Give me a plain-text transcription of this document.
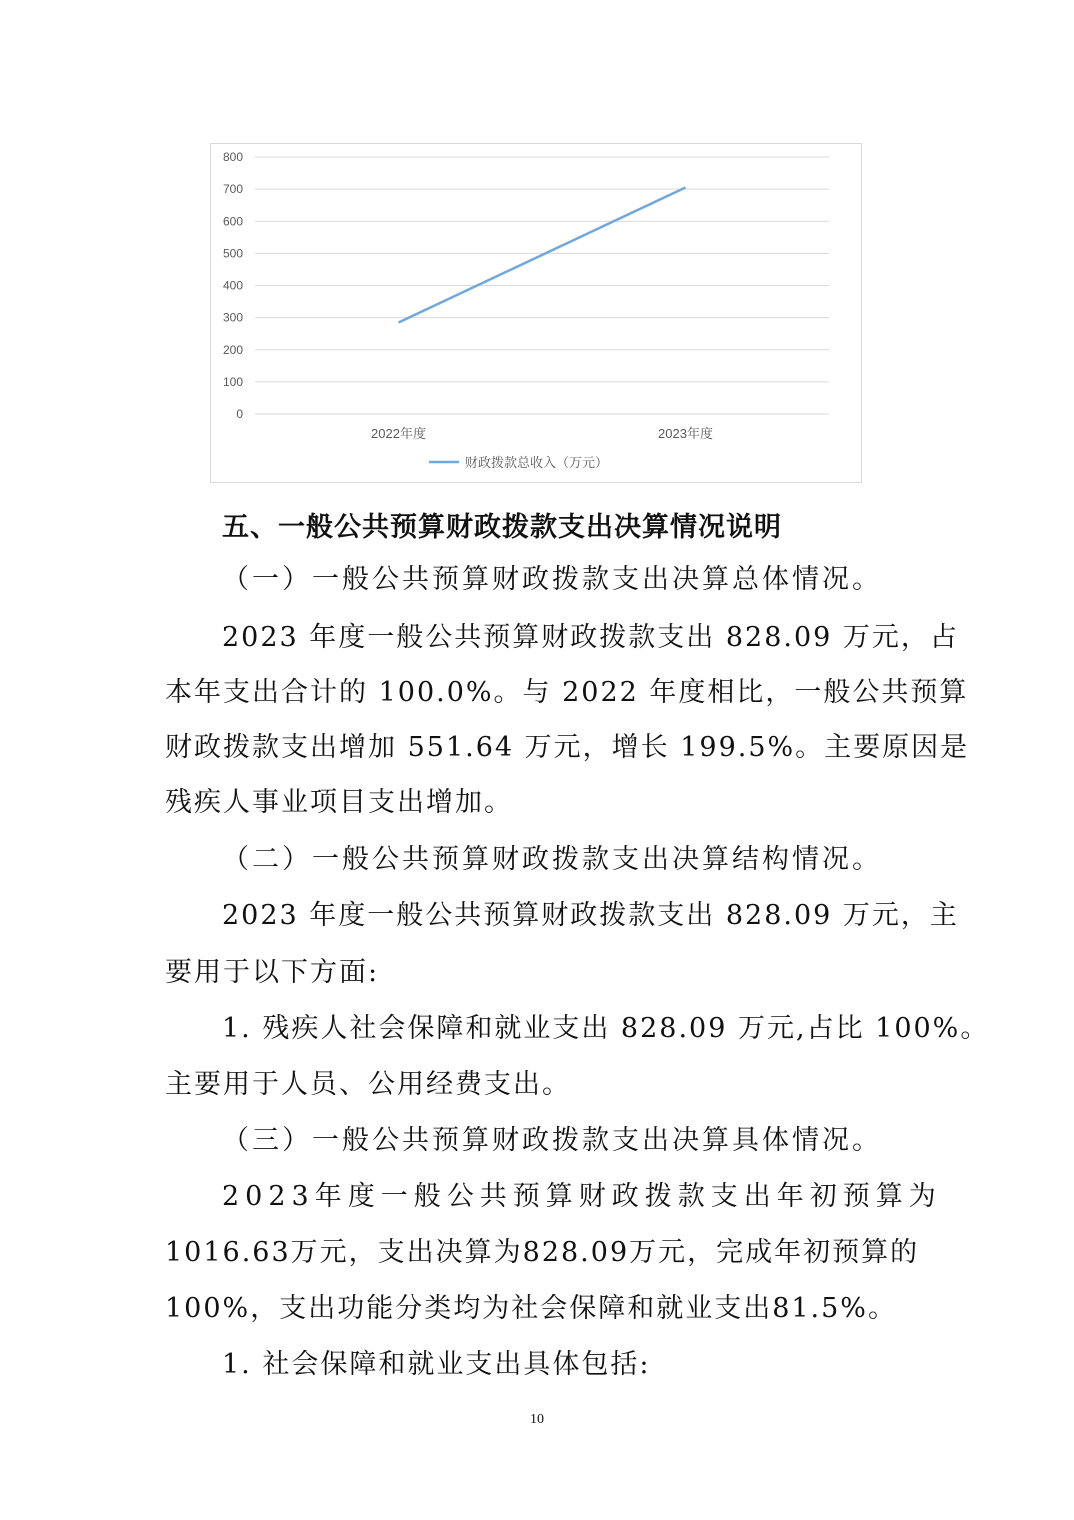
0
100
200
300
400
500
600
700
800
2022年度	2023年度
财政拨款总收入（万元）
五、一般公共预算财政拨款支出决算情况说明
（一）一般公共预算财政拨款支出决算总体情况。
2023 年度一般公共预算财政拨款支出 828.09 万元，占
本年支出合计的 100.0%。与 2022 年度相比，一般公共预算
财政拨款支出增加 551.64 万元，增长 199.5%。主要原因是
残疾人事业项目支出增加。
（二）一般公共预算财政拨款支出决算结构情况。
2023 年度一般公共预算财政拨款支出 828.09 万元，主
要用于以下方面:
1. 残疾人社会保障和就业支出 828.09 万元,占比 100%。
主要用于人员、公用经费支出。
（三）一般公共预算财政拨款支出决算具体情况。
2023年度一般公共预算财政拨款支出年初预算为
1016.63万元，支出决算为828.09万元，完成年初预算的
100%，支出功能分类均为社会保障和就业支出81.5%。
1. 社会保障和就业支出具体包括:
10
